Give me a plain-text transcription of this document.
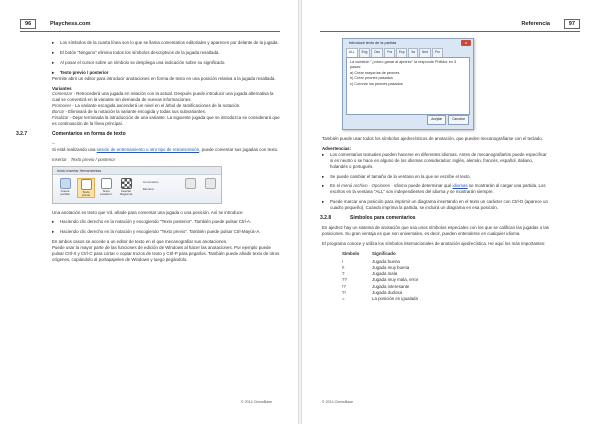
96	Playchess.com
▸ Los símbolos de la cuarta línea son lo que se llama comentarios editoriales y aparecen por delante de la jugada.
▸ El botón "Ninguno" elimina todos los símbolos descriptivos de la jugada resaltada.
▸ Al posar el cursor sobre un símbolo se despliega una indicación sobre su significado.
▸ Texto previo / posterior
Permite abrir un editor para introducir anotaciones en forma de texto en una posición relativa a la jugada resaltada.
Variantes
Comenzar - Retrocederá una jugada en relación con la actual. Después puede introducir una jugada alternativa la cual se convertirá en la variante sin demanda de nuevas informaciones.
Promover - La variante escogida ascenderá un nivel en el árbol de ramificaciones de la notación.
Borrar - Eliminará de la notación la variante escogida y todas sus subvariantes.
Finalizar - Dejar terminada la introducción de una variante. La siguiente jugada que se introduzca se considerará que es continuación de la línea principal.
3.2.7	Comentarios en forma de texto
--
Si está realizando una sesión de entrenamiento u otro tipo de retransmisión, puede comentar sus jugadas con texto.
Insertar Texto previo / posterior
Inicio Insertar Herramientas
Nueva partida
Texto previo
Texto posterior
Insertar diagrama
Comentario
Eliminar
Una anotación es texto que Vd. añade para comentar una jugada o una posición. Así se introduce:
▸ Haciendo clic derecho en la notación y escogiendo "Texto posterior". También puede pulsar Ctrl-A.
▸ Haciendo clic derecho en la notación y escogiendo "Texto previo". También puede pulsar Ctrl-Mayús-A.
En ambos casos se accede a un editor de texto en el que mecanografiar sus anotaciones.
Puede usar la mayor parte de las funciones de edición de Windows al hacer las anotaciones. Por ejemplo puede pulsar Ctrl-X y Ctrl-C para cortar o copiar trozos de texto y Ctrl-P para pegarlos. También puede añadir texto de otros orígenes, copiándolo al portapapeles de Windows y luego pegándolo.
© 2014 ChessBase
Referencia	97
Introducir texto de la partida	x
ALL	Eng	Deu	Fra	Esp	Ita	Ned	Por
La cuestión "¿cómo ganar al ajedrez" la responde Philidor en 3 pasos:
a) Crear mayorías de peones
b) Crear peones pasados
c) Coronar los peones pasados
Aceptar	Cancelar
También puede usar todos los símbolos ajedrecísticos de anotación, que pueden mecanografiarse con el teclado.
Advertencias:
▸ Los comentarios textuales pueden hacerse en diferentes idiomas. Antes de mecanografiarlos puede especificar si es neutro o se hace en alguno de los idiomas considerados: inglés, alemán, francés, español, italiano, holandés o portugués.
▸ Se puede cambiar el tamaño de la ventana en la que se escribe el texto.
▸ En el menú archivo · Opciones · Idioma puede determinar qué idiomas se mostrarán al cargar una partida. Los escritos en la ventana "ALL" son independientes del idioma y se mostrarán siempre.
▸ Puede marcar una posición para imprimir un diagrama insertando en el texto un carácter con Ctrl-D (aparece un cuadro pequeño). Cuando imprima la partida, se incluirá un diagrama en esa posición.
3.2.8	Símbolos para comentarios
En ajedrez hay un sistema de anotación que usa unos símbolos especiales con los que se califican las jugadas o las posiciones. Su gran ventaja es que son universales, es decir, pueden entenderse en cualquier idioma.
El programa conoce y utiliza los símbolos internacionales de anotación ajedrecística. He aquí los más importantes:
Símbolo	Significado
!	Jugada buena
!!	Jugada muy buena
?	Jugada mala
??	Jugada muy mala, error
!?	Jugada interesante
?!	Jugada dudosa
=	La posición es igualada
© 2014 ChessBase
